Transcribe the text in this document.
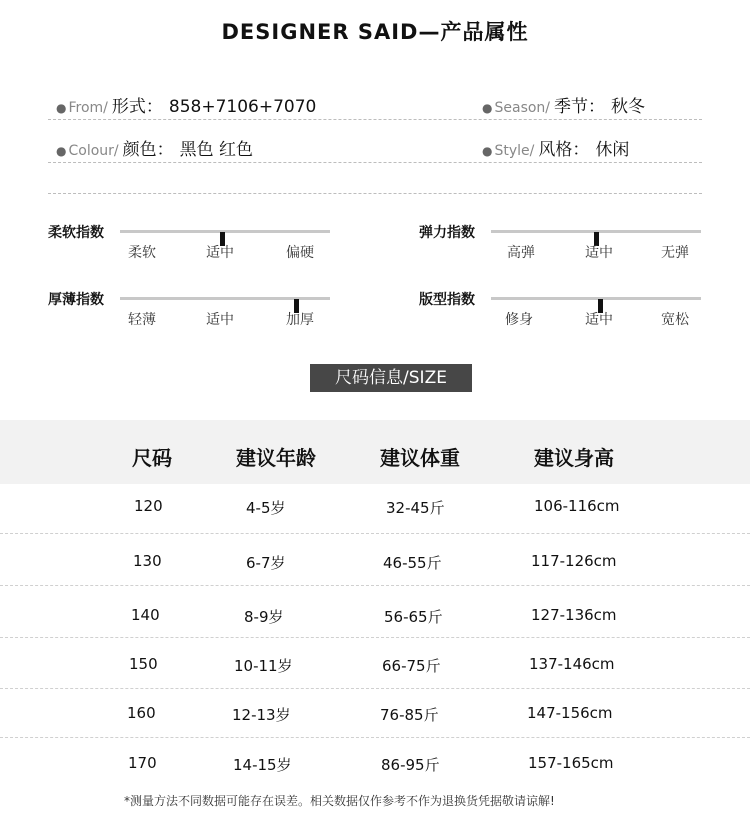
DESIGNER SAID—产品属性
● From/ 形式： 858+7106+7070	● Season/ 季节： 秋冬
● Colour/ 颜色： 黑色 红色	● Style/ 风格： 休闲
柔软指数
柔软	适中	偏硬
弹力指数
高弹	适中	无弹
厚薄指数
轻薄	适中	加厚
版型指数
修身	适中	宽松
尺码信息/SIZE
尺码	建议年龄	建议体重	建议身高
120	4-5岁	32-45斤	106-116cm
130	6-7岁	46-55斤	117-126cm
140	8-9岁	56-65斤	127-136cm
150	10-11岁	66-75斤	137-146cm
160	12-13岁	76-85斤	147-156cm
170	14-15岁	86-95斤	157-165cm
*测量方法不同数据可能存在误差。相关数据仅作参考不作为退换货凭据敬请谅解!
